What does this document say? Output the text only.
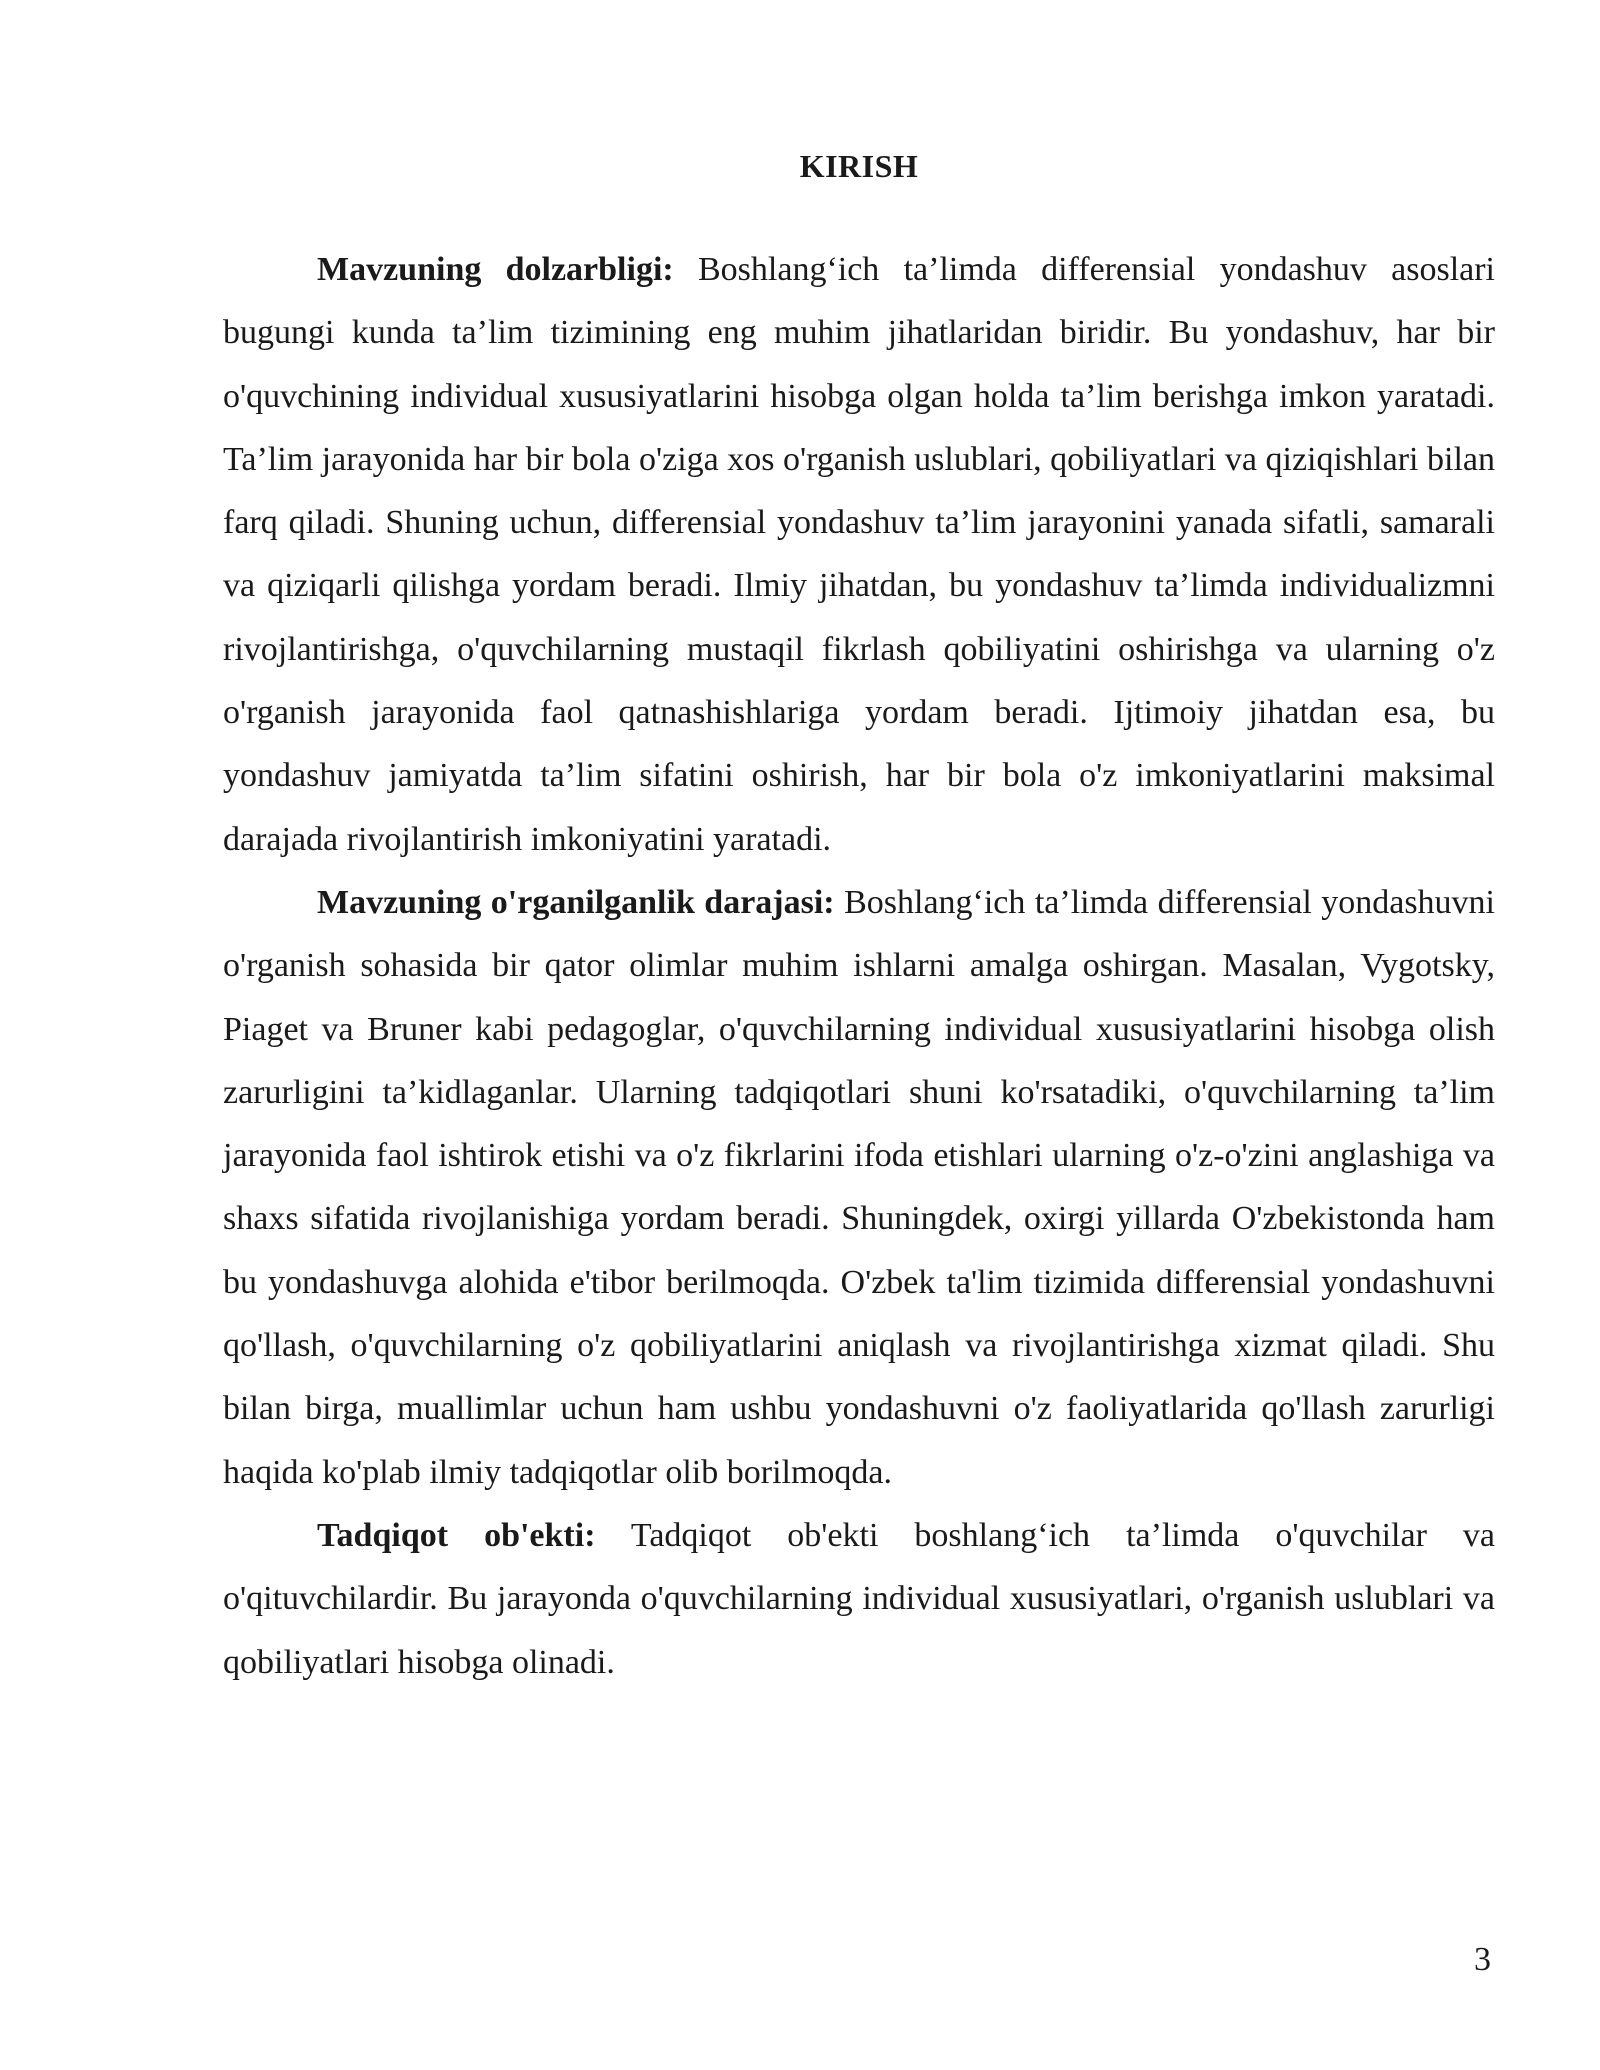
KIRISH

Mavzuning dolzarbligi: Boshlang‘ich ta’limda differensial yondashuv asoslari bugungi kunda ta’lim tizimining eng muhim jihatlaridan biridir. Bu yondashuv, har bir o'quvchining individual xususiyatlarini hisobga olgan holda ta’lim berishga imkon yaratadi. Ta’lim jarayonida har bir bola o'ziga xos o'rganish uslublari, qobiliyatlari va qiziqishlari bilan farq qiladi. Shuning uchun, differensial yondashuv ta’lim jarayonini yanada sifatli, samarali va qiziqarli qilishga yordam beradi. Ilmiy jihatdan, bu yondashuv ta’limda individualizmni rivojlantirishga, o'quvchilarning mustaqil fikrlash qobiliyatini oshirishga va ularning o'z o'rganish jarayonida faol qatnashishlariga yordam beradi. Ijtimoiy jihatdan esa, bu yondashuv jamiyatda ta’lim sifatini oshirish, har bir bola o'z imkoniyatlarini maksimal darajada rivojlantirish imkoniyatini yaratadi.

Mavzuning o'rganilganlik darajasi: Boshlang‘ich ta’limda differensial yondashuvni o'rganish sohasida bir qator olimlar muhim ishlarni amalga oshirgan. Masalan, Vygotsky, Piaget va Bruner kabi pedagoglar, o'quvchilarning individual xususiyatlarini hisobga olish zarurligini ta’kidlaganlar. Ularning tadqiqotlari shuni ko'rsatadiki, o'quvchilarning ta’lim jarayonida faol ishtirok etishi va o'z fikrlarini ifoda etishlari ularning o'z-o'zini anglashiga va shaxs sifatida rivojlanishiga yordam beradi. Shuningdek, oxirgi yillarda O'zbekistonda ham bu yondashuvga alohida e'tibor berilmoqda. O'zbek ta'lim tizimida differensial yondashuvni qo'llash, o'quvchilarning o'z qobiliyatlarini aniqlash va rivojlantirishga xizmat qiladi. Shu bilan birga, muallimlar uchun ham ushbu yondashuvni o'z faoliyatlarida qo'llash zarurligi haqida ko'plab ilmiy tadqiqotlar olib borilmoqda.

Tadqiqot ob'ekti: Tadqiqot ob'ekti boshlang‘ich ta’limda o'quvchilar va o'qituvchilardir. Bu jarayonda o'quvchilarning individual xususiyatlari, o'rganish uslublari va qobiliyatlari hisobga olinadi.

3
